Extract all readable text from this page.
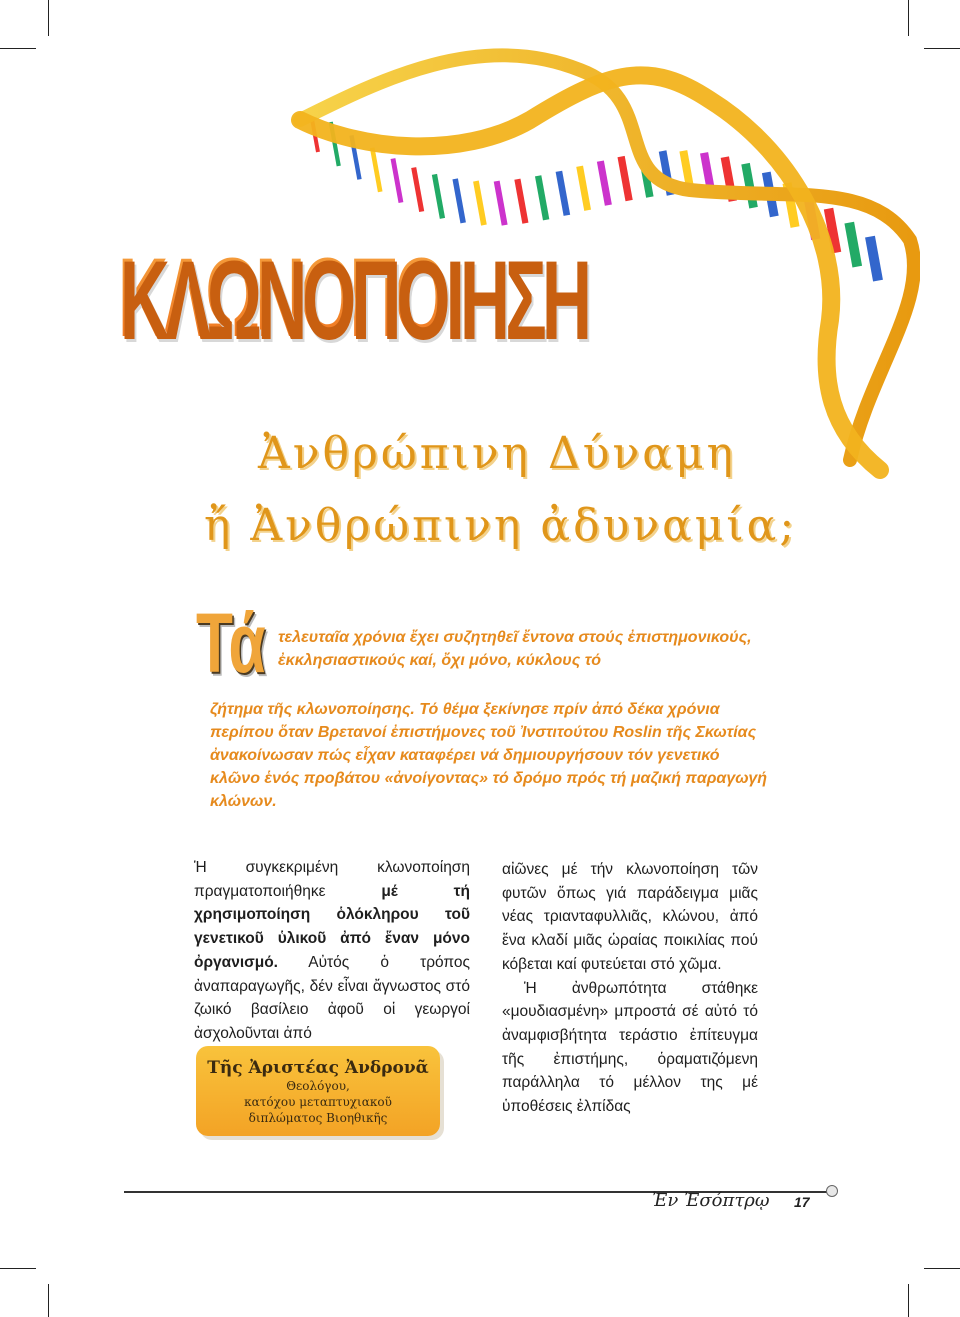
ΚΛΩΝΟΠΟΙΗΣΗ
Ἀνθρώπινη Δύναμη
ἤ Ἀνθρώπινη ἀδυναμία;
Τά τελευταῖα χρόνια ἔχει συζητηθεῖ ἔντονα στούς ἐπιστημονικούς, ἐκκλησιαστικούς καί, ὄχι μόνο, κύκλους τό

ζήτημα τῆς κλωνοποίησης. Τό θέμα ξεκίνησε πρίν ἀπό δέκα χρόνια περίπου ὅταν Βρετανοί ἐπιστήμονες τοῦ Ἰνστιτούτου Roslin τῆς Σκωτίας ἀνακοίνωσαν πώς εἶχαν καταφέρει νά δημιουργήσουν τόν γενετικό κλῶνο ἑνός προβάτου «ἀνοίγοντας» τό δρόμο πρός τή μαζική παραγωγή κλώνων.

Ἡ συγκεκριμένη κλωνοποίηση πραγματοποιήθηκε μέ τή χρησιμοποίηση ὁλόκληρου τοῦ γενετικοῦ ὑλικοῦ ἀπό ἕναν μόνο ὀργανισμό. Αὐτός ὁ τρόπος ἀναπαραγωγῆς, δέν εἶναι ἄγνωστος στό ζωικό βασίλειο ἀφοῦ οἱ γεωργοί ἀσχολοῦνται ἀπό

Τῆς Ἀριστέας Ἀνδρονᾶ
Θεολόγου,
κατόχου μεταπτυχιακοῦ
διπλώματος Βιοηθικῆς

αἰῶνες μέ τήν κλωνοποίηση τῶν φυτῶν ὅπως γιά παράδειγμα μιᾶς νέας τριανταφυλλιᾶς, κλώνου, ἀπό ἕνα κλαδί μιᾶς ὡραίας ποικιλίας πού κόβεται καί φυτεύεται στό χῶμα.

Ἡ ἀνθρωπότητα στάθηκε «μουδιασμένη» μπροστά σέ αὐτό τό ἀναμφισβήτητα τεράστιο ἐπίτευγμα τῆς ἐπιστήμης, ὁραματιζόμενη παράλληλα τό μέλλον της μέ ὑποθέσεις ἐλπίδας

Ἐν Ἐσόπτρῳ 17
